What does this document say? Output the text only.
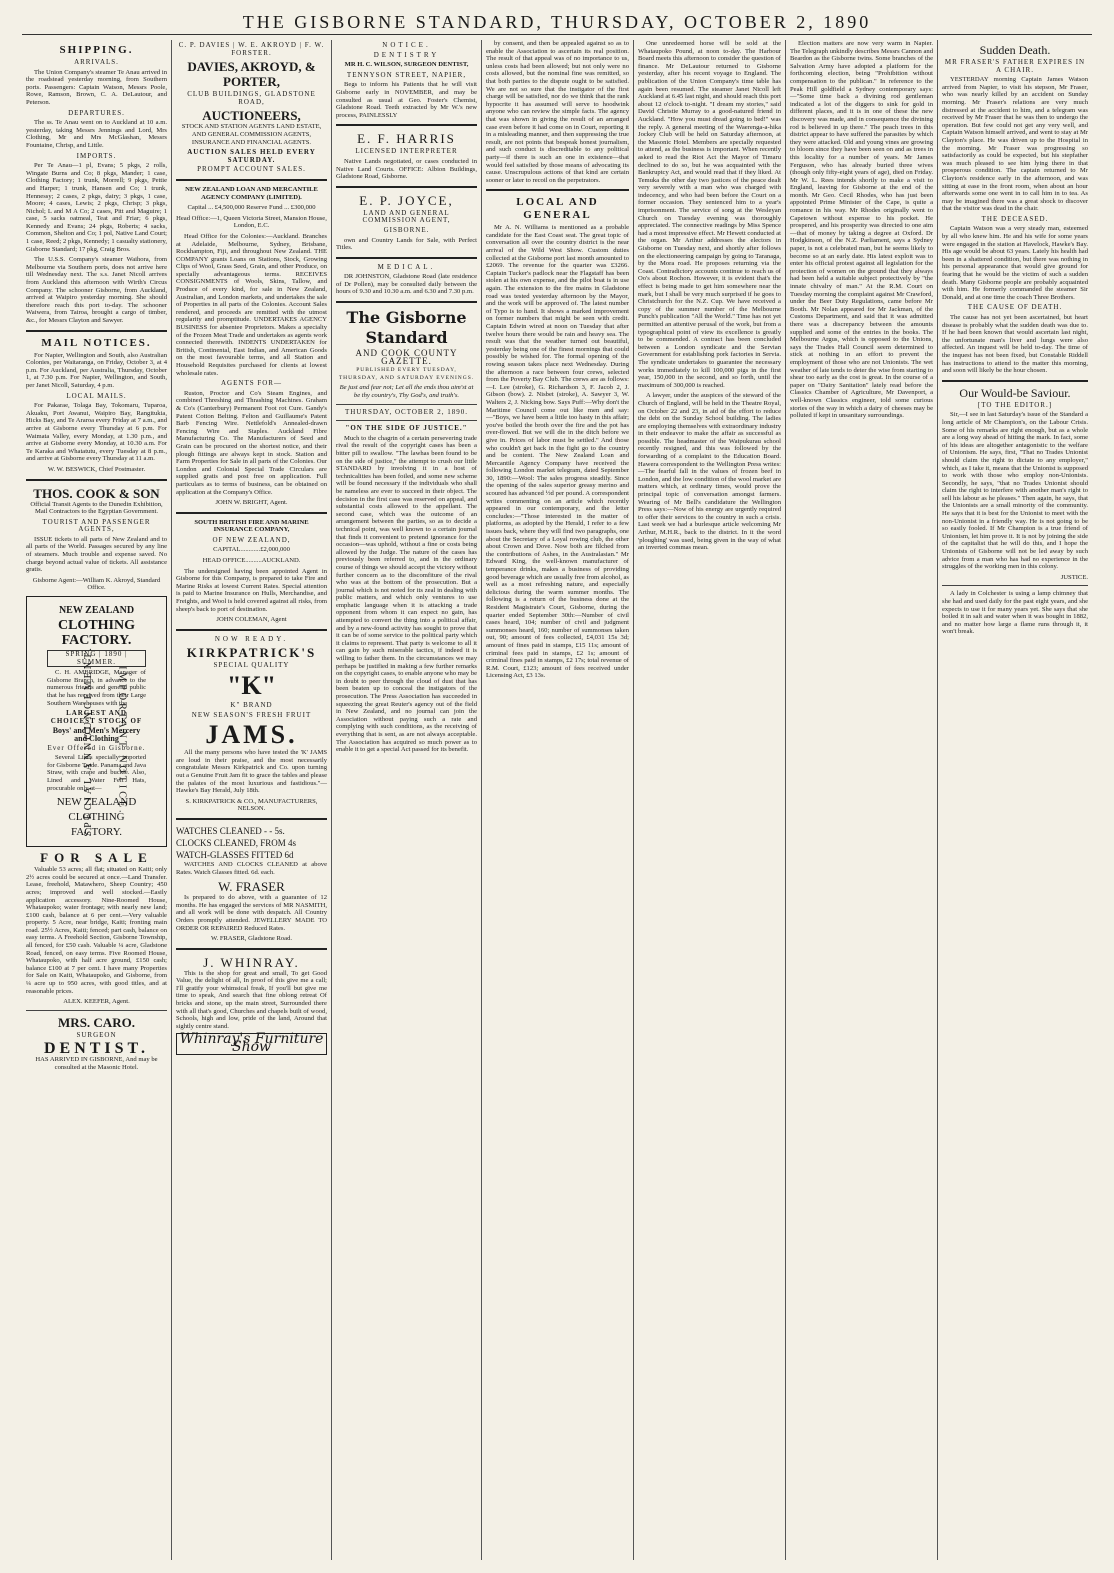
THE GISBORNE STANDARD, THURSDAY, OCTOBER 2, 1890
SHIPPING.
ARRIVALS.

The Union Company's steamer Te Anau arrived in the roadstead yesterday morning, from Southern ports. Passengers: Captain Watson, Messrs Poole, Rowe, Ramson, Brown, C. A. DeLautour, and Peterson.

DEPARTURES.

The ss. Te Anau went on to Auckland at 10 a.m. yesterday, taking Messrs Jennings and Lord, Mrs Clothing, Mr and Mrs McGlashan, Messrs Fountaine, Chrisp, and Little.

IMPORTS.

Per Te Anau—1 pl, Evans; 5 pkgs, 2 rolls, Wingate Burns and Co; 8 pkgs, Mander; 1 case, Clothing Factory; 1 trunk, Morrell; 9 pkgs, Pettie and Harper; 1 trunk, Hansen and Co; 1 trunk, Hennessy; 2 cases, 2 pkgs, dairy; 3 pkgs, 1 case, Moore; 4 cases, Lewis; 2 pkgs, Chrisp; 3 pkgs, Nichol; L and M A Co; 2 cases, Pitt and Maguire; 1 case, 5 sacks oatmeal, Teat and Friar; 6 pkgs, Kennedy and Evans; 24 pkgs, Roberts; 4 sacks, Common, Shelton and Co; 1 pol, Native Land Court; 1 case, Reed; 2 pkgs, Kennedy; 1 casualty stationery, Gisborne Standard; 17 pkg, Craig Bros.

The U.S.S. Company's steamer Waihora, from Melbourne via Southern ports, does not arrive here till Wednesday next. The s.s. Janet Nicoll arrives from Auckland this afternoon with Wirth's Circus Company. The schooner Gisborne, from Auckland, arrived at Waipiro yesterday morning. She should therefore reach this port to-day. The schooner Waiwera, from Tairoa, brought a cargo of timber, &c., for Messrs Clayton and Sawyer.

MAIL NOTICES.

For Napier, Wellington and South, also Australian Colonies, per Waitaranga, on Friday, October 3, at 4 p.m. For Auckland, per Australia, Thursday, October 1, at 7.30 p.m. For Napier, Wellington, and South, per Janet Nicoll, Saturday, 4 p.m.

LOCAL MAILS.

For Pakarae, Tolaga Bay, Tokomaru, Tuparoa, Akuaku, Port Awanui, Waipiro Bay, Rangitukia, Hicks Bay, and Te Araroa every Friday at 7 a.m., and arrive at Gisborne every Thursday at 6 p.m. For Waimata Valley, every Monday, at 1.30 p.m., and arrive at Gisborne every Monday, at 10.30 a.m. For Te Karaka and Whatatutu, every Tuesday at 8 p.m., and arrive at Gisborne every Thursday at 11 a.m.

W. W. BESWICK, Chief Postmaster.

THOS. COOK & SON

Official Transit Agents to the Dunedin Exhibition, Mail Contractors to the Egyptian Government.

TOURIST AND PASSENGER AGENTS,

ISSUE tickets to all parts of New Zealand and to all parts of the World. Passages secured by any line of steamers. Much trouble and expense saved. No charge beyond actual value of tickets. All assistance gratis.

Gisborne Agent:—William K. Akroyd, Standard Office.

SPECIAL ANNOUNCEMENT. IMPORTANT NOTICE.
NEW ZEALAND
CLOTHING FACTORY.
SPRING | 1890 | SUMMER.

C. H. AMBRIDGE, Manager of Gisborne Branch, in advance to the numerous friends and general public that he has received from their Large Southern Warehouses with the

LARGEST AND CHOICEST STOCK OF
Boys' and Men's Mercery and Clothing
Ever Offered in Gisborne.

Several Lines specially imported for Gisborne Trade. Panama and Java Straw, with crape and buckle. Also, Lined and Water Felt Hats, procurable only at—

NEW ZEALAND CLOTHING FACTORY.
FOR SALE

Valuable 53 acres; all flat; situated on Kaiti; only 2½ acres could be secured at once.—Land Transfer. Lease, freehold, Matawhero, Sheep Country; 450 acres; improved and well stocked.—Easily application accessory. Nine-Roomed House, Whataupoko; water frontage; with nearly new land; £100 cash, balance at 6 per cent.—Very valuable property. 5 Acre, near bridge, Kaiti; fronting main road. 25½ Acres, Kaiti; fenced; part cash, balance on easy terms. A Freehold Section, Gisborne Township, all fenced, for £50 cash. Valuable ¼ acre, Gladstone Road, fenced, on easy terms. Five Roomed House, Whataupoko, with half acre ground, £150 cash; balance £100 at 7 per cent. I have many Properties for Sale on Kaiti, Whataupoko, and Gisborne, from ¼ acre up to 950 acres, with good titles, and at reasonable prices.

ALEX. KEEFER, Agent.

MRS. CARO.
SURGEON
DENTIST.

HAS ARRIVED IN GISBORNE, And may be consulted at the Masonic Hotel.

C. P. DAVIES | W. E. AKROYD | F. W. FORSTER.
DAVIES, AKROYD, & PORTER,
CLUB BUILDINGS, GLADSTONE ROAD,
AUCTIONEERS,

STOCK AND STATION AGENTS LAND ESTATE, AND GENERAL COMMISSION AGENTS, INSURANCE AND FINANCIAL AGENTS.

AUCTION SALES HELD EVERY SATURDAY.
PROMPT ACCOUNT SALES.

NEW ZEALAND LOAN AND MERCANTILE AGENCY COMPANY (LIMITED).

Capital ... £4,500,000 Reserve Fund ... £300,000

Head Office:—1, Queen Victoria Street, Mansion House, London, E.C.

Head Office for the Colonies:—Auckland. Branches at Adelaide, Melbourne, Sydney, Brisbane, Rockhampton, Fiji, and throughout New Zealand. THE COMPANY grants Loans on Stations, Stock, Growing Clips of Wool, Grass Seed, Grain, and other Produce, on specially advantageous terms. RECEIVES CONSIGNMENTS of Wools, Skins, Tallow, and Produce of every kind, for sale in New Zealand, Australian, and London markets, and undertakes the sale of Properties in all parts of the Colonies. Account Sales rendered, and proceeds are remitted with the utmost regularity and promptitude. UNDERTAKES AGENCY BUSINESS for absentee Proprietors. Makes a specialty of the Frozen Meat Trade and undertakes as agents work connected therewith. INDENTS UNDERTAKEN for British, Continental, East Indian, and American Goods on the most favourable terms, and all Station and Household Requisites purchased for clients at lowest wholesale rates.

AGENTS FOR—

Ruston, Proctor and Co's Steam Engines, and combined Threshing and Thrashing Machines. Graham & Co's (Canterbury) Permanent Foot rot Cure. Gandy's Patent Cotton Belting. Felton and Guillaume's Patent Barb Fencing Wire. Nettlefold's Annealed-drawn Fencing Wire and Staples. Auckland Fibre Manufacturing Co. The Manufacturers of Seed and Grain can be procured on the shortest notice, and their plough fittings are always kept in stock. Station and Farm Properties for Sale in all parts of the Colonies. Our London and Colonial Special Trade Circulars are supplied gratis and post free on application. Full particulars as to terms of business, can be obtained on application at the Company's Office.

JOHN W. BRIGHT, Agent.

SOUTH BRITISH FIRE AND MARINE INSURANCE COMPANY,

OF NEW ZEALAND,

CAPITAL............£2,000,000

HEAD OFFICE..........AUCKLAND.

The undersigned having been appointed Agent in Gisborne for this Company, is prepared to take Fire and Marine Risks at lowest Current Rates. Special attention is paid to Marine Insurance on Hulls, Merchandise, and Freights, and Wool is held covered against all risks, from sheep's back to port of destination.

JOHN COLEMAN, Agent

NOW READY.
KIRKPATRICK'S
SPECIAL QUALITY
"K"
K" BRAND
NEW SEASON'S FRESH FRUIT
JAMS.

All the many persons who have tested the 'K' JAMS are loud in their praise, and the most necessarily congratulate Messrs Kirkpatrick and Co. upon turning out a Genuine Fruit Jam fit to grace the tables and please the palates of the most luxurious and fastidious."—Hawke's Bay Herald, July 18th.

S. KIRKPATRICK & CO., MANUFACTURERS, NELSON.

WATCHES CLEANED - - 5s.
CLOCKS CLEANED, FROM 4s
WATCH-GLASSES FITTED 6d

WATCHES AND CLOCKS CLEANED at above Rates. Watch Glasses fitted. 6d. each.

W. FRASER

Is prepared to do above, with a guarantee of 12 months. He has engaged the services of MR NASMITH, and all work will be done with despatch. All Country Orders promptly attended. JEWELLERY MADE TO ORDER OR REPAIRED Reduced Rates.

W. FRASER, Gladstone Road.

J. WHINRAY.

This is the shop for great and small, To get Good Value, the delight of all, In proof of this give me a call; I'll gratify your whimsical freak, If you'll but give me time to speak, And search that fine oblong retreat Of bricks and stone, up the main street, Surrounded there with all that's good, Churches and chapels built of wood, Schools, high and low, pride of the land, Around that sightly centre stand.

Whinray's Furniture Show
NOTICE.
DENTISTRY

MR H. C. WILSON, SURGEON DENTIST,

TENNYSON STREET, NAPIER,

Begs to inform his Patients that he will visit Gisborne early in NOVEMBER, and may be consulted as usual at Geo. Foster's Chemist, Gladstone Road. Teeth extracted by Mr W.'s new process, PAINLESSLY

E. F. HARRIS
LICENSED INTERPRETER

Native Lands negotiated, or cases conducted in Native Land Courts. OFFICE: Albion Buildings, Gladstone Road, Gisborne.

E. P. JOYCE,
LAND AND GENERAL COMMISSION AGENT,
GISBORNE.

own and Country Lands for Sale, with Perfect Titles.

MEDICAL.

DR JOHNSTON, Gladstone Road (late residence of Dr Pollen), may be consulted daily between the hours of 9.30 and 10.30 a.m. and 6.30 and 7.30 p.m.

The Gisborne Standard
AND COOK COUNTY GAZETTE.
PUBLISHED EVERY TUESDAY, THURSDAY, AND SATURDAY EVENINGS.

Be just and fear not; Let all the ends thou aim'st at be thy country's, Thy God's, and truth's.

THURSDAY, OCTOBER 2, 1890.
"ON THE SIDE OF JUSTICE."

Much to the chagrin of a certain persevering trade rival the result of the copyright cases has been a bitter pill to swallow. "The lawhas been found to be on the side of justice," the attempt to crush our little STANDARD by involving it in a host of technicalities has been foiled, and some new scheme will be found necessary if the individuals who shall be nameless are ever to succeed in their object. The decision in the first case was reserved on appeal, and substantial costs allowed to the appellant. The second case, which was the outcome of an arrangement between the parties, so as to decide a technical point, was well known to a certain journal that finds it convenient to pretend ignorance for the occasion—was uphold, without a fine or costs being allowed by the Judge. The nature of the cases has previously been referred to, and in the ordinary course of things we should accept the victory without further concern as to the discomfiture of the rival who was at the bottom of the prosecution. But a journal which is not noted for its zeal in dealing with public matters, and which only ventures to use emphatic language when it is attacking a trade opponent from whom it can expect no gain, has attempted to convert the thing into a political affair, and by a new-found activity has sought to prove that it can be of some service to the political party which it claims to represent. That party is welcome to all it can gain by such miserable tactics, if indeed it is willing to father them. In the circumstances we may perhaps be justified in making a few further remarks on the copyright cases, to enable anyone who may be in doubt to peer through the cloud of dust that has been beaten up to conceal the instigators of the prosecution. The Press Association has succeeded in squeezing the great Reuter's agency out of the field in New Zealand, and no journal can join the Association without paying such a rate and complying with such conditions, as the receiving of everything that is sent, as are not always acceptable. The Association has acquired so much power as to enable it to get a special Act passed for its benefit.

by consent, and then be appealed against so as to enable the Association to ascertain its real position. The result of that appeal was of no importance to us, unless costs had been allowed; but not only were no costs allowed, but the nominal fine was remitted, so that both parties to the dispute ought to be satisfied. We are not so sure that the instigator of the first charge will be satisfied, nor do we think that the rank hypocrite it has assumed will serve to hoodwink anyone who can review the simple facts. The agency that was shown in giving the result of an arranged case even before it had come on in Court, reporting it in a misleading manner, and then suppressing the true result, are not points that bespeak honest journalism, and such conduct is discreditable to any political party—if there is such an one in existence—that would feel satisfied by those means of advocating its cause. Unscrupulous actions of that kind are certain sooner or later to recoil on the perpetrators.

LOCAL AND GENERAL

Mr A. N. Williams is mentioned as a probable candidate for the East Coast seat. The great topic of conversation all over the country district is the near arrival of the Wild West Show. Custom duties collected at the Gisborne port last month amounted to £2069. The revenue for the quarter was £3266. Captain Tucker's padlock near the Flagstaff has been stolen at his own expense, and the pilot boat is in use again. The extension to the fire mains in Gladstone road was tested yesterday afternoon by the Mayor, and the work will be approved of. The latest number of Typo is to hand. It shows a marked improvement on former numbers that might be seen with credit. Captain Edwin wired at noon on Tuesday that after twelve hours there would be rain and heavy sea. The result was that the weather turned out beautiful, yesterday being one of the finest mornings that could possibly be wished for. The formal opening of the rowing season takes place next Wednesday. During the afternoon a race between four crews, selected from the Poverty Bay Club. The crews are as follows:—I. Lee (stroke), G. Richardson 3, F. Jacob 2, J. Gibson (bow). 2. Nisbet (stroke), A. Sawyer 3, W. Walters 2, J. Nicking bow. Says Puff:—Why don't the Maritime Council come out like men and say:—"Boys, we have been a little too hasty in this affair; you've boiled the broth over the fire and the pot has over-flowed. But we will die in the ditch before we give in. Prices of labor must be settled." And those who couldn't get back in the fight go to the country and be content. The New Zealand Loan and Mercantile Agency Company have received the following London market telegram, dated September 30, 1890:—Wool: The sales progress steadily. Since the opening of the sales superior greasy merino and scoured has advanced ½d per pound. A correspondent writes commenting on an article which recently appeared in our contemporary, and the letter concludes:—"Those interested in the matter of platforms, as adopted by the Herald, I refer to a few issues back, where they will find two paragraphs, one about the Secretary of a Loyal rowing club, the other about Crown and Dove. Now both are filched from the contributions of Ashes, in the Australasian." Mr Edward King, the well-known manufacturer of temperance drinks, makes a business of providing good beverage which are usually free from alcohol, as well as a most refreshing nature, and especially delicious during the warm summer months. The following is a return of the business done at the Resident Magistrate's Court, Gisborne, during the quarter ended September 30th:—Number of civil cases heard, 104; number of civil and judgment summonses heard, 160; number of summonses taken out, 90; amount of fees collected, £4,031 15s 3d; amount of fines paid in stamps, £15 11s; amount of criminal fees paid in stamps, £2 1s; amount of criminal fines paid in stamps, £2 17s; total revenue of R.M. Court, £123; amount of fees received under Licensing Act, £3 13s.

One unredeemed horse will be sold at the Whataupoko Pound, at noon to-day. The Harbour Board meets this afternoon to consider the question of finance. Mr DeLautour returned to Gisborne yesterday, after his recent voyage to England. The publication of the Union Company's time table has again been resumed. The steamer Janet Nicoll left Auckland at 6.45 last night, and should reach this port about 12 o'clock to-night. "I dream my stories," said David Christie Murray to a good-natured friend in Auckland. "How you must dread going to bed!" was the reply. A general meeting of the Waerenga-a-hika Jockey Club will be held on Saturday afternoon, at the Masonic Hotel. Members are specially requested to attend, as the business is important. When recently asked to read the Riot Act the Mayor of Timaru declined to do so, but he was acquainted with the Bankruptcy Act, and would read that if they liked. At Temuka the other day two justices of the peace dealt very severely with a man who was charged with indecency, and who had been before the Court on a former occasion. They sentenced him to a year's imprisonment. The service of song at the Wesleyan Church on Tuesday evening was thoroughly appreciated. The connective readings by Miss Spence had a most impressive effect. Mr Hewett conducted at the organ. Mr Arthur addresses the electors in Gisborne on Tuesday next, and shortly after follows on the electioneering campaign by going to Taranaga, by the Mora road. He proposes returning via the Coast. Contradictory accounts continue to reach us of Oo's about Rochon. However, it is evident that's the effect is being made to get him somewhere near the mark, but I shall be very much surprised if he goes to Christchurch for the N.Z. Cup. We have received a copy of the summer number of the Melbourne Punch's publication "All the World." Time has not yet permitted an attentive perusal of the work, but from a typographical point of view its excellence is greatly to be commended. A contract has been concluded between a London syndicate and the Servian Government for establishing pork factories in Servia. The syndicate undertakes to guarantee the necessary works immediately to kill 100,000 pigs in the first year, 150,000 in the second, and so forth, until the maximum of 300,000 is reached.

A lawyer, under the auspices of the steward of the Church of England, will be held in the Theatre Royal, on October 22 and 23, in aid of the effort to reduce the debt on the Sunday School building. The ladies are employing themselves with extraordinary industry in their endeavor to make the affair as successful as possible. The headmaster of the Waipukurau school recently resigned, and this was followed by the forwarding of a complaint to the Education Board. Hawera correspondent to the Wellington Press writes:—The fearful fall in the values of frozen beef in London, and the low condition of the wool market are matters which, at ordinary times, would prove the principal topic of conversation amongst farmers. Wearing of Mr Bell's candidature the Wellington Press says:—Now of his energy are urgently required to offer their services to the country in such a crisis. Last week we had a burlesque article welcoming Mr Arthur, M.H.R., back to the district. In it the word 'ploughing' was used, being given in the way of what an inverted commas mean.

Election matters are now very warm in Napier. The Telegraph unkindly describes Messrs Cannon and Beardon as the Gisborne twins. Some branches of the Salvation Army have adopted a platform for the forthcoming election, being "Prohibition without compensation to the publican." In reference to the Peak Hill goldfield a Sydney contemporary says:—"Some time back a divining rod gentleman indicated a lot of the diggers to sink for gold in different places, and it is in one of these the new discovery was made, and in consequence the divining rod is believed in up there." The peach trees in this district appear to have suffered the parasites by which they were attacked. Old and young vines are growing to bloom since they have been seen on and as trees in this locality for a number of years. Mr James Ferguson, who has already buried three wives (though only fifty-eight years of age), died on Friday. Mr W. L. Rees intends shortly to make a visit to England, leaving for Gisborne at the end of the month. Mr Geo. Cecil Rhodes, who has just been appointed Prime Minister of the Cape, is quite a romance in his way. Mr Rhodes originally went to Capetown without expense to his pocket. He prospered, and his prosperity was directed to one aim—that of money by taking a degree at Oxford. Dr Hodgkinson, of the N.Z. Parliament, says a Sydney paper, is not a celebrated man, but he seems likely to become so at an early date. His latest exploit was to enter his official protest against all legislation for the protection of women on the ground that they always had been held a suitable subject protectively by "the innate chivalry of man." At the R.M. Court on Tuesday morning the complaint against Mr Crawford, under the Beer Duty Regulations, came before Mr Booth. Mr Nolan appeared for Mr Jackman, of the Customs Department, and said that it was admitted there was a discrepancy between the amounts supplied and some of the entries in the books. The Melbourne Argus, which is opposed to the Unions, says the Trades Hall Council seem determined to stick at nothing in an effort to prevent the employment of those who are not Unionists. The wet weather of late tends to deter the wise from starting to shear too early as the cost is great. In the course of a paper on "Dairy Sanitation" lately read before the Classics Chamber of Agriculture, Mr Davenport, a well-known Classics engineer, told some curious stories of the way in which a dairy of cheeses may be polluted if kept in unsanitary surroundings.

Sudden Death.
MR FRASER'S FATHER EXPIRES IN A CHAIR.

YESTERDAY morning Captain James Watson arrived from Napier, to visit his stepson, Mr Fraser, who was nearly killed by an accident on Sunday morning. Mr Fraser's relations are very much distressed at the accident to him, and a telegram was received by Mr Fraser that he was then to undergo the operation. But few could not get any very well, and Captain Watson himself arrived, and went to stay at Mr Clayton's place. He was driven up to the Hospital in the morning. Mr Fraser was progressing so satisfactorily as could be expected, but his stepfather was much pleased to see him lying there in that prosperous condition. The captain returned to Mr Clayton's residence early in the afternoon, and was sitting at ease in the front room, when about an hour afterwards some one went in to call him in to tea. As may be imagined there was a great shock to discover that the visitor was dead in the chair.

THE DECEASED.

Captain Watson was a very steady man, esteemed by all who knew him. He and his wife for some years were engaged in the station at Havelock, Hawke's Bay. His age would be about 63 years. Lately his health had been in a shattered condition, but there was nothing in his personal appearance that would give ground for fearing that he would be the victim of such a sudden death. Many Gisborne people are probably acquainted with him. He formerly commanded the steamer Sir Donald, and at one time the coach Three Brothers.

THE CAUSE OF DEATH.

The cause has not yet been ascertained, but heart disease is probably what the sudden death was due to. If he had been known that would ascertain last night, the unfortunate man's liver and lungs were also affected. An inquest will be held to-day. The time of the inquest has not been fixed, but Constable Riddell has instructions to attend to the matter this morning, and soon will likely be the hour chosen.

Our Would-be Saviour.
[TO THE EDITOR.]

Sir,—I see in last Saturday's issue of the Standard a long article of Mr Champion's, on the Labour Crisis. Some of his remarks are right enough, but as a whole are a long way ahead of hitting the mark. In fact, some of his ideas are altogether antagonistic to the welfare of Unionism. He says, first, "That no Trades Unionist should claim the right to dictate to any employer," which, as I take it, means that the Unionist is supposed to work with those who employ non-Unionists. Secondly, he says, "that no Trades Unionist should claim the right to interfere with another man's right to sell his labour as he pleases." Then again, he says, that the Unionists are a small minority of the community. He says that it is best for the Unionist to meet with the non-Unionist in a friendly way. He is not going to be so easily fooled. If Mr Champion is a true friend of Unionism, let him prove it. It is not by joining the side of the capitalist that he will do this, and I hope the Unionists of Gisborne will not be led away by such advice from a man who has had no experience in the struggles of the working men in this colony.

JUSTICE.

A lady in Colchester is using a lamp chimney that she had and used daily for the past eight years, and she expects to use it for many years yet. She says that she boiled it in salt and water when it was bought in 1882, and no matter how large a flame runs through it, it won't break.
